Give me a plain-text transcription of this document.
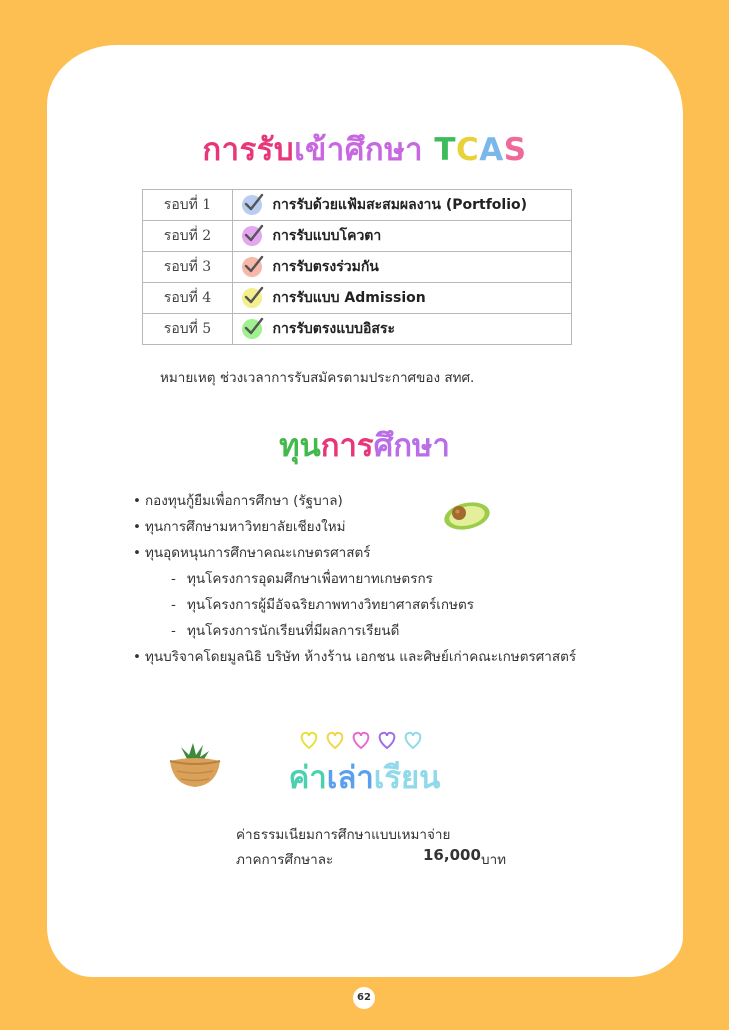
การรับเข้าศึกษา TCAS
รอบที่ 1		การรับด้วยแฟ้มสะสมผลงาน (Portfolio)
รอบที่ 2		การรับแบบโควตา
รอบที่ 3		การรับตรงร่วมกัน
รอบที่ 4		การรับแบบ Admission
รอบที่ 5		การรับตรงแบบอิสระ
หมายเหตุ ช่วงเวลาการรับสมัครตามประกาศของ สทศ.
ทุนการศึกษา
• กองทุนกู้ยืมเพื่อการศึกษา (รัฐบาล)
• ทุนการศึกษามหาวิทยาลัยเชียงใหม่
• ทุนอุดหนุนการศึกษาคณะเกษตรศาสตร์
- ทุนโครงการอุดมศึกษาเพื่อทายาทเกษตรกร
- ทุนโครงการผู้มีอัจฉริยภาพทางวิทยาศาสตร์เกษตร
- ทุนโครงการนักเรียนที่มีผลการเรียนดี
• ทุนบริจาคโดยมูลนิธิ บริษัท ห้างร้าน เอกชน และศิษย์เก่าคณะเกษตรศาสตร์
ค่าเล่าเรียน
ค่าธรรมเนียมการศึกษาแบบเหมาจ่าย
ภาคการศึกษาละ	16,000 บาท
62
